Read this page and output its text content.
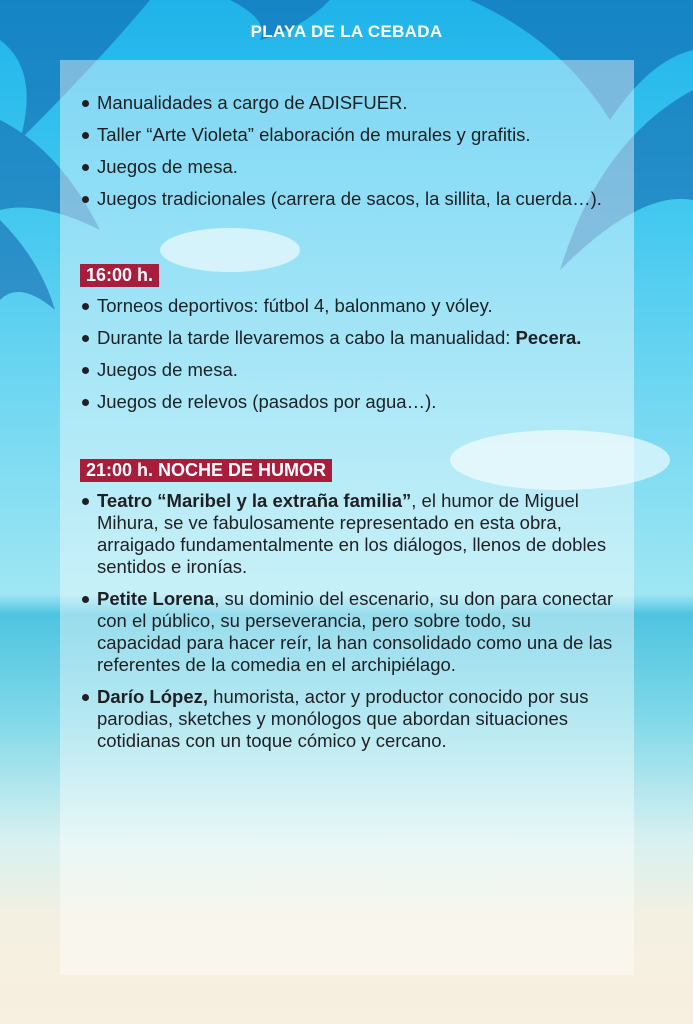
PLAYA DE LA CEBADA
Manualidades a cargo de ADISFUER.
Taller “Arte Violeta” elaboración de murales y grafitis.
Juegos de mesa.
Juegos tradicionales (carrera de sacos, la sillita, la cuerda…).
16:00 h.
Torneos deportivos: fútbol 4, balonmano y vóley.
Durante la tarde llevaremos a cabo la manualidad: Pecera.
Juegos de mesa.
Juegos de relevos (pasados por agua…).
21:00 h. NOCHE DE HUMOR
Teatro “Maribel y la extraña familia”, el humor de Miguel Mihura, se ve fabulosamente representado en esta obra, arraigado fundamentalmente en los diálogos, llenos de dobles sentidos e ironías.
Petite Lorena, su dominio del escenario, su don para conectar con el público, su perseverancia, pero sobre todo, su capacidad para hacer reír, la han consolidado como una de las referentes de la comedia en el archipiélago.
Darío López, humorista, actor y productor conocido por sus parodias, sketches y monólogos que abordan situaciones cotidianas con un toque cómico y cercano.
